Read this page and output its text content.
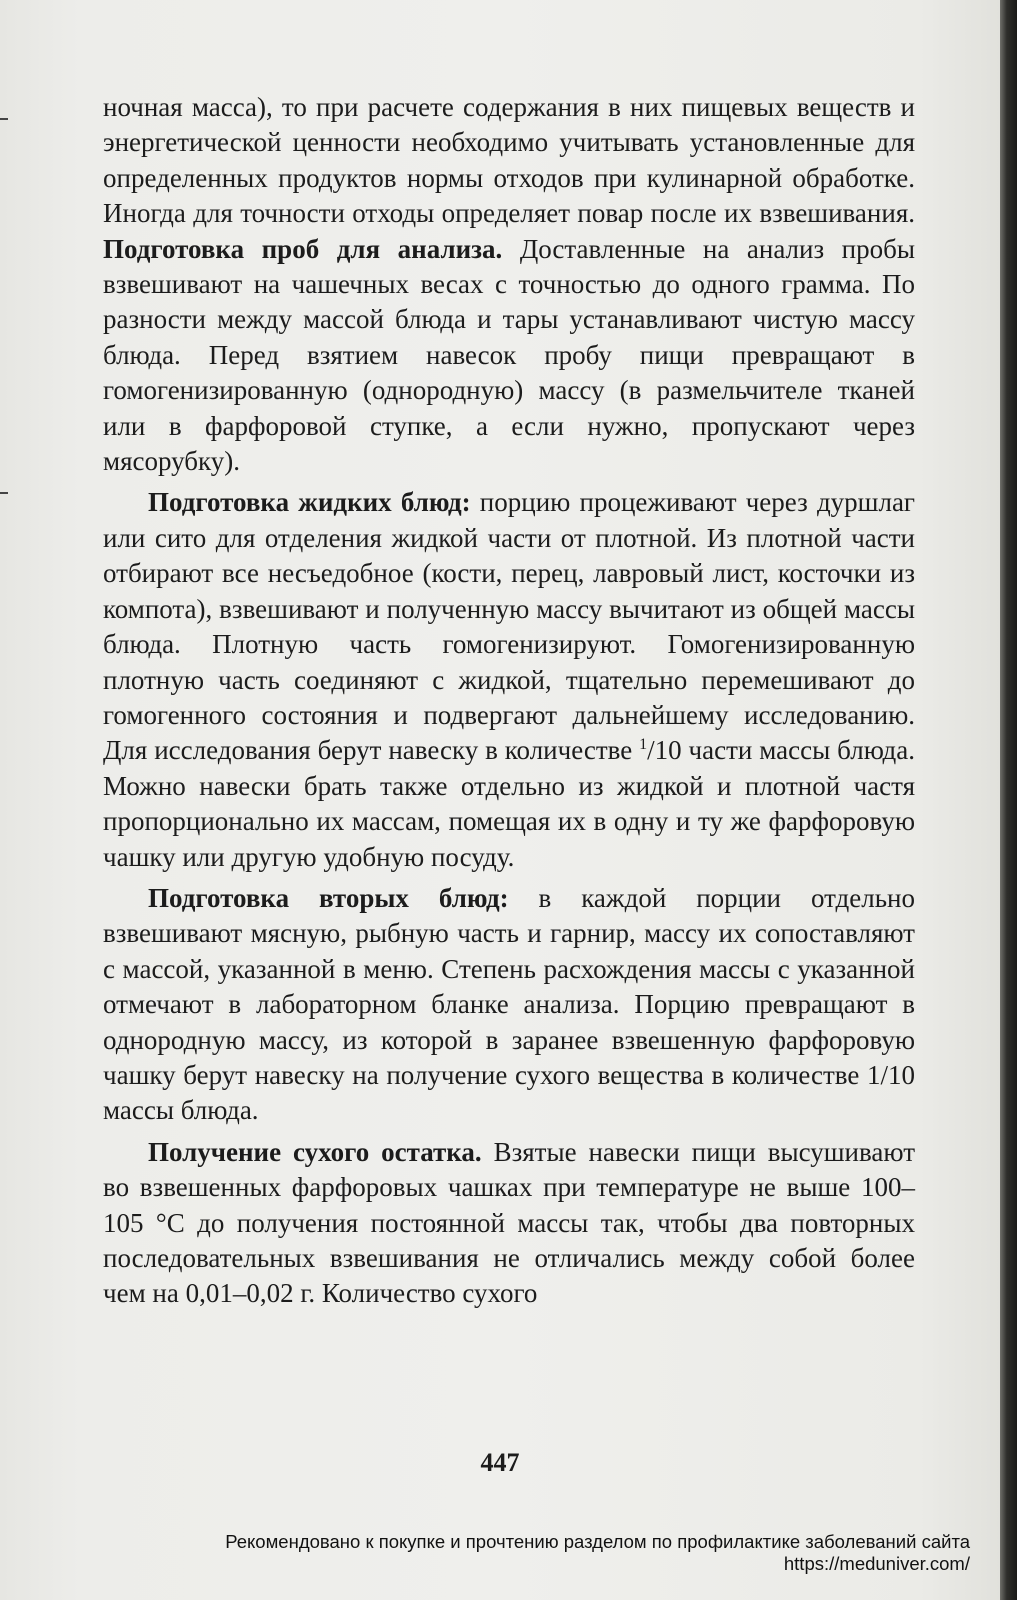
ночная масса), то при расчете содержания в них пищевых веществ и энергетической ценности необходимо учитывать установленные для определенных продуктов нормы отходов при кулинарной обработке. Иногда для точности отходы определяет повар после их взвешивания. Подготовка проб для анализа. Доставленные на анализ пробы взвешивают на чашечных весах с точностью до одного грамма. По разности между массой блюда и тары устанавливают чистую массу блюда. Перед взятием навесок пробу пищи превращают в гомогенизированную (однородную) массу (в размельчителе тканей или в фарфоровой ступке, а если нужно, пропускают через мясорубку).

Подготовка жидких блюд: порцию процеживают через дуршлаг или сито для отделения жидкой части от плотной. Из плотной части отбирают все несъедобное (кости, перец, лавровый лист, косточки из компота), взвешивают и полученную массу вычитают из общей массы блюда. Плотную часть гомогенизируют. Гомогенизированную плотную часть соединяют с жидкой, тщательно перемешивают до гомогенного состояния и подвергают дальнейшему исследованию. Для исследования берут навеску в количестве $^1$/10 части массы блюда. Можно навески брать также отдельно из жидкой и плотной частя пропорционально их массам, помещая их в одну и ту же фарфоровую чашку или другую удобную посуду.

Подготовка вторых блюд: в каждой порции отдельно взвешивают мясную, рыбную часть и гарнир, массу их сопоставляют с массой, указанной в меню. Степень расхождения массы с указанной отмечают в лабораторном бланке анализа. Порцию превращают в однородную массу, из которой в заранее взвешенную фарфоровую чашку берут навеску на получение сухого вещества в количестве 1/10 массы блюда.

Получение сухого остатка. Взятые навески пищи высушивают во взвешенных фарфоровых чашках при температуре не выше 100–105 °С до получения постоянной массы так, чтобы два повторных последовательных взвешивания не отличались между собой более чем на 0,01–0,02 г. Количество сухого

447
Рекомендовано к покупке и прочтению разделом по профилактике заболеваний сайта https://meduniver.com/
